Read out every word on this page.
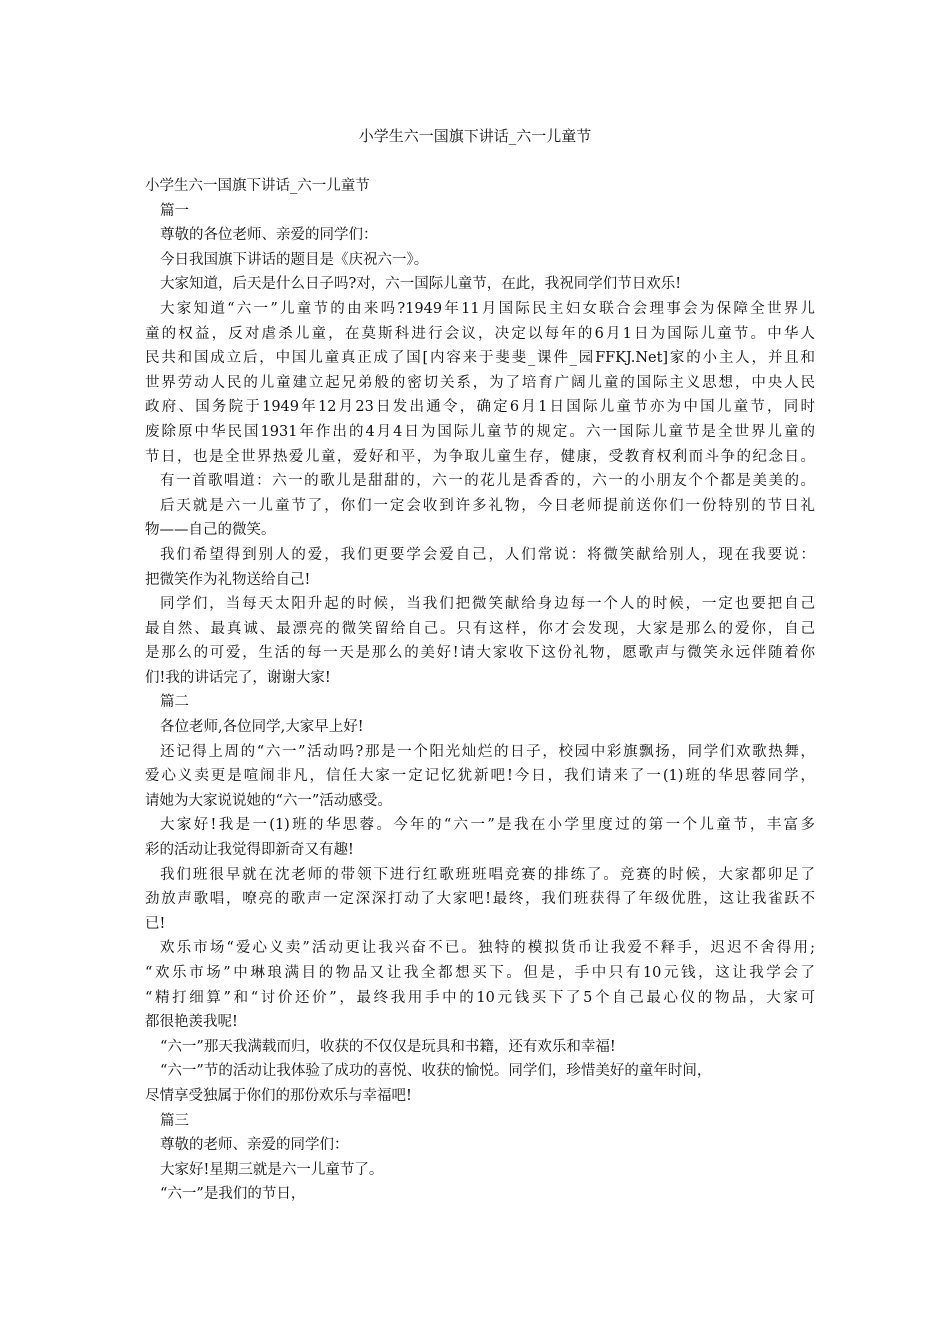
小学生六一国旗下讲话_六一儿童节
小学生六一国旗下讲话_六一儿童节
篇一
尊敬的各位老师、亲爱的同学们：
今日我国旗下讲话的题目是《庆祝六一》。
大家知道，后天是什么日子吗?对，六一国际儿童节，在此，我祝同学们节日欢乐!
大家知道“六一”儿童节的由来吗?1949年11月国际民主妇女联合会理事会为保障全世界儿
童的权益，反对虐杀儿童，在莫斯科进行会议，决定以每年的6月1日为国际儿童节。中华人
民共和国成立后，中国儿童真正成了国[内容来于斐斐_课件_园FFKJ.Net]家的小主人，并且和
世界劳动人民的儿童建立起兄弟般的密切关系，为了培育广阔儿童的国际主义思想，中央人民
政府、国务院于1949年12月23日发出通令，确定6月1日国际儿童节亦为中国儿童节，同时
废除原中华民国1931年作出的4月4日为国际儿童节的规定。六一国际儿童节是全世界儿童的
节日，也是全世界热爱儿童，爱好和平，为争取儿童生存，健康，受教育权利而斗争的纪念日。
有一首歌唱道：六一的歌儿是甜甜的，六一的花儿是香香的，六一的小朋友个个都是美美的。
后天就是六一儿童节了，你们一定会收到许多礼物，今日老师提前送你们一份特别的节日礼
物——自己的微笑。
我们希望得到别人的爱，我们更要学会爱自己，人们常说：将微笑献给别人，现在我要说：
把微笑作为礼物送给自己!
同学们，当每天太阳升起的时候，当我们把微笑献给身边每一个人的时候，一定也要把自己
最自然、最真诚、最漂亮的微笑留给自己。只有这样，你才会发现，大家是那么的爱你，自己
是那么的可爱，生活的每一天是那么的美好!请大家收下这份礼物，愿歌声与微笑永远伴随着你
们!我的讲话完了，谢谢大家!
篇二
各位老师,各位同学,大家早上好!
还记得上周的“六一”活动吗?那是一个阳光灿烂的日子，校园中彩旗飘扬，同学们欢歌热舞，
爱心义卖更是喧闹非凡，信任大家一定记忆犹新吧!今日，我们请来了一(1)班的华思蓉同学，
请她为大家说说她的“六一”活动感受。
大家好!我是一(1)班的华思蓉。今年的“六一”是我在小学里度过的第一个儿童节，丰富多
彩的活动让我觉得即新奇又有趣!
我们班很早就在沈老师的带领下进行红歌班班唱竞赛的排练了。竞赛的时候，大家都卯足了
劲放声歌唱，嘹亮的歌声一定深深打动了大家吧!最终，我们班获得了年级优胜，这让我雀跃不
已!
欢乐市场“爱心义卖”活动更让我兴奋不已。独特的模拟货币让我爱不释手，迟迟不舍得用;
“欢乐市场”中琳琅满目的物品又让我全都想买下。但是，手中只有10元钱，这让我学会了
“精打细算”和“讨价还价”，最终我用手中的10元钱买下了5个自己最心仪的物品，大家可
都很艳羡我呢!
“六一”那天我满载而归，收获的不仅仅是玩具和书籍，还有欢乐和幸福!
“六一”节的活动让我体验了成功的喜悦、收获的愉悦。同学们，珍惜美好的童年时间，
尽情享受独属于你们的那份欢乐与幸福吧!
篇三
尊敬的老师、亲爱的同学们：
大家好!星期三就是六一儿童节了。
“六一”是我们的节日，
